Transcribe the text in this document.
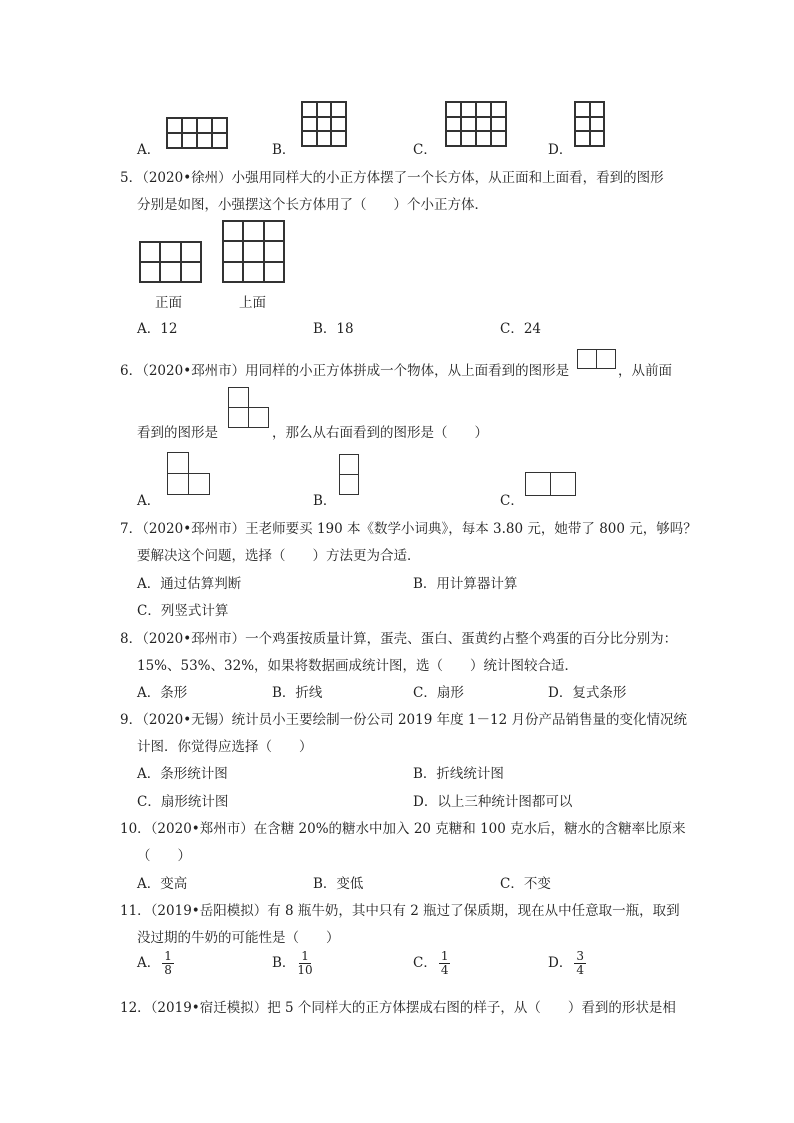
A．	B．	C．	D．
5．（2020•徐州）小强用同样大的小正方体摆了一个长方体，从正面和上面看，看到的图形
分别是如图，小强摆这个长方体用了（　　）个小正方体．
正面	上面
A．12	B．18	C．24
6．（2020•邳州市）用同样的小正方体拼成一个物体，从上面看到的图形是	，从前面
看到的图形是	，那么从右面看到的图形是（　　）
A．	B．	C．
7．（2020•邳州市）王老师要买 190 本《数学小词典》，每本 3.80 元，她带了 800 元，够吗？
要解决这个问题，选择（　　）方法更为合适．
A．通过估算判断	B．用计算器计算
C．列竖式计算
8．（2020•邳州市）一个鸡蛋按质量计算，蛋壳、蛋白、蛋黄约占整个鸡蛋的百分比分别为：
15%、53%、32%，如果将数据画成统计图，选（　　）统计图较合适．
A．条形	B．折线	C．扇形	D．复式条形
9．（2020•无锡）统计员小王要绘制一份公司 2019 年度 1－12 月份产品销售量的变化情况统
计图．你觉得应选择（　　）
A．条形统计图	B．折线统计图
C．扇形统计图	D．以上三种统计图都可以
10．（2020•郑州市）在含糖 20%的糖水中加入 20 克糖和 100 克水后，糖水的含糖率比原来
（　　）
A．变高	B．变低	C．不变
11．（2019•岳阳模拟）有 8 瓶牛奶，其中只有 2 瓶过了保质期，现在从中任意取一瓶，取到
没过期的牛奶的可能性是（　　）
A． $\frac{1}{8}$	B． $\frac{1}{10}$	C． $\frac{1}{4}$	D． $\frac{3}{4}$
12．（2019•宿迁模拟）把 5 个同样大的正方体摆成右图的样子，从（　　）看到的形状是相
